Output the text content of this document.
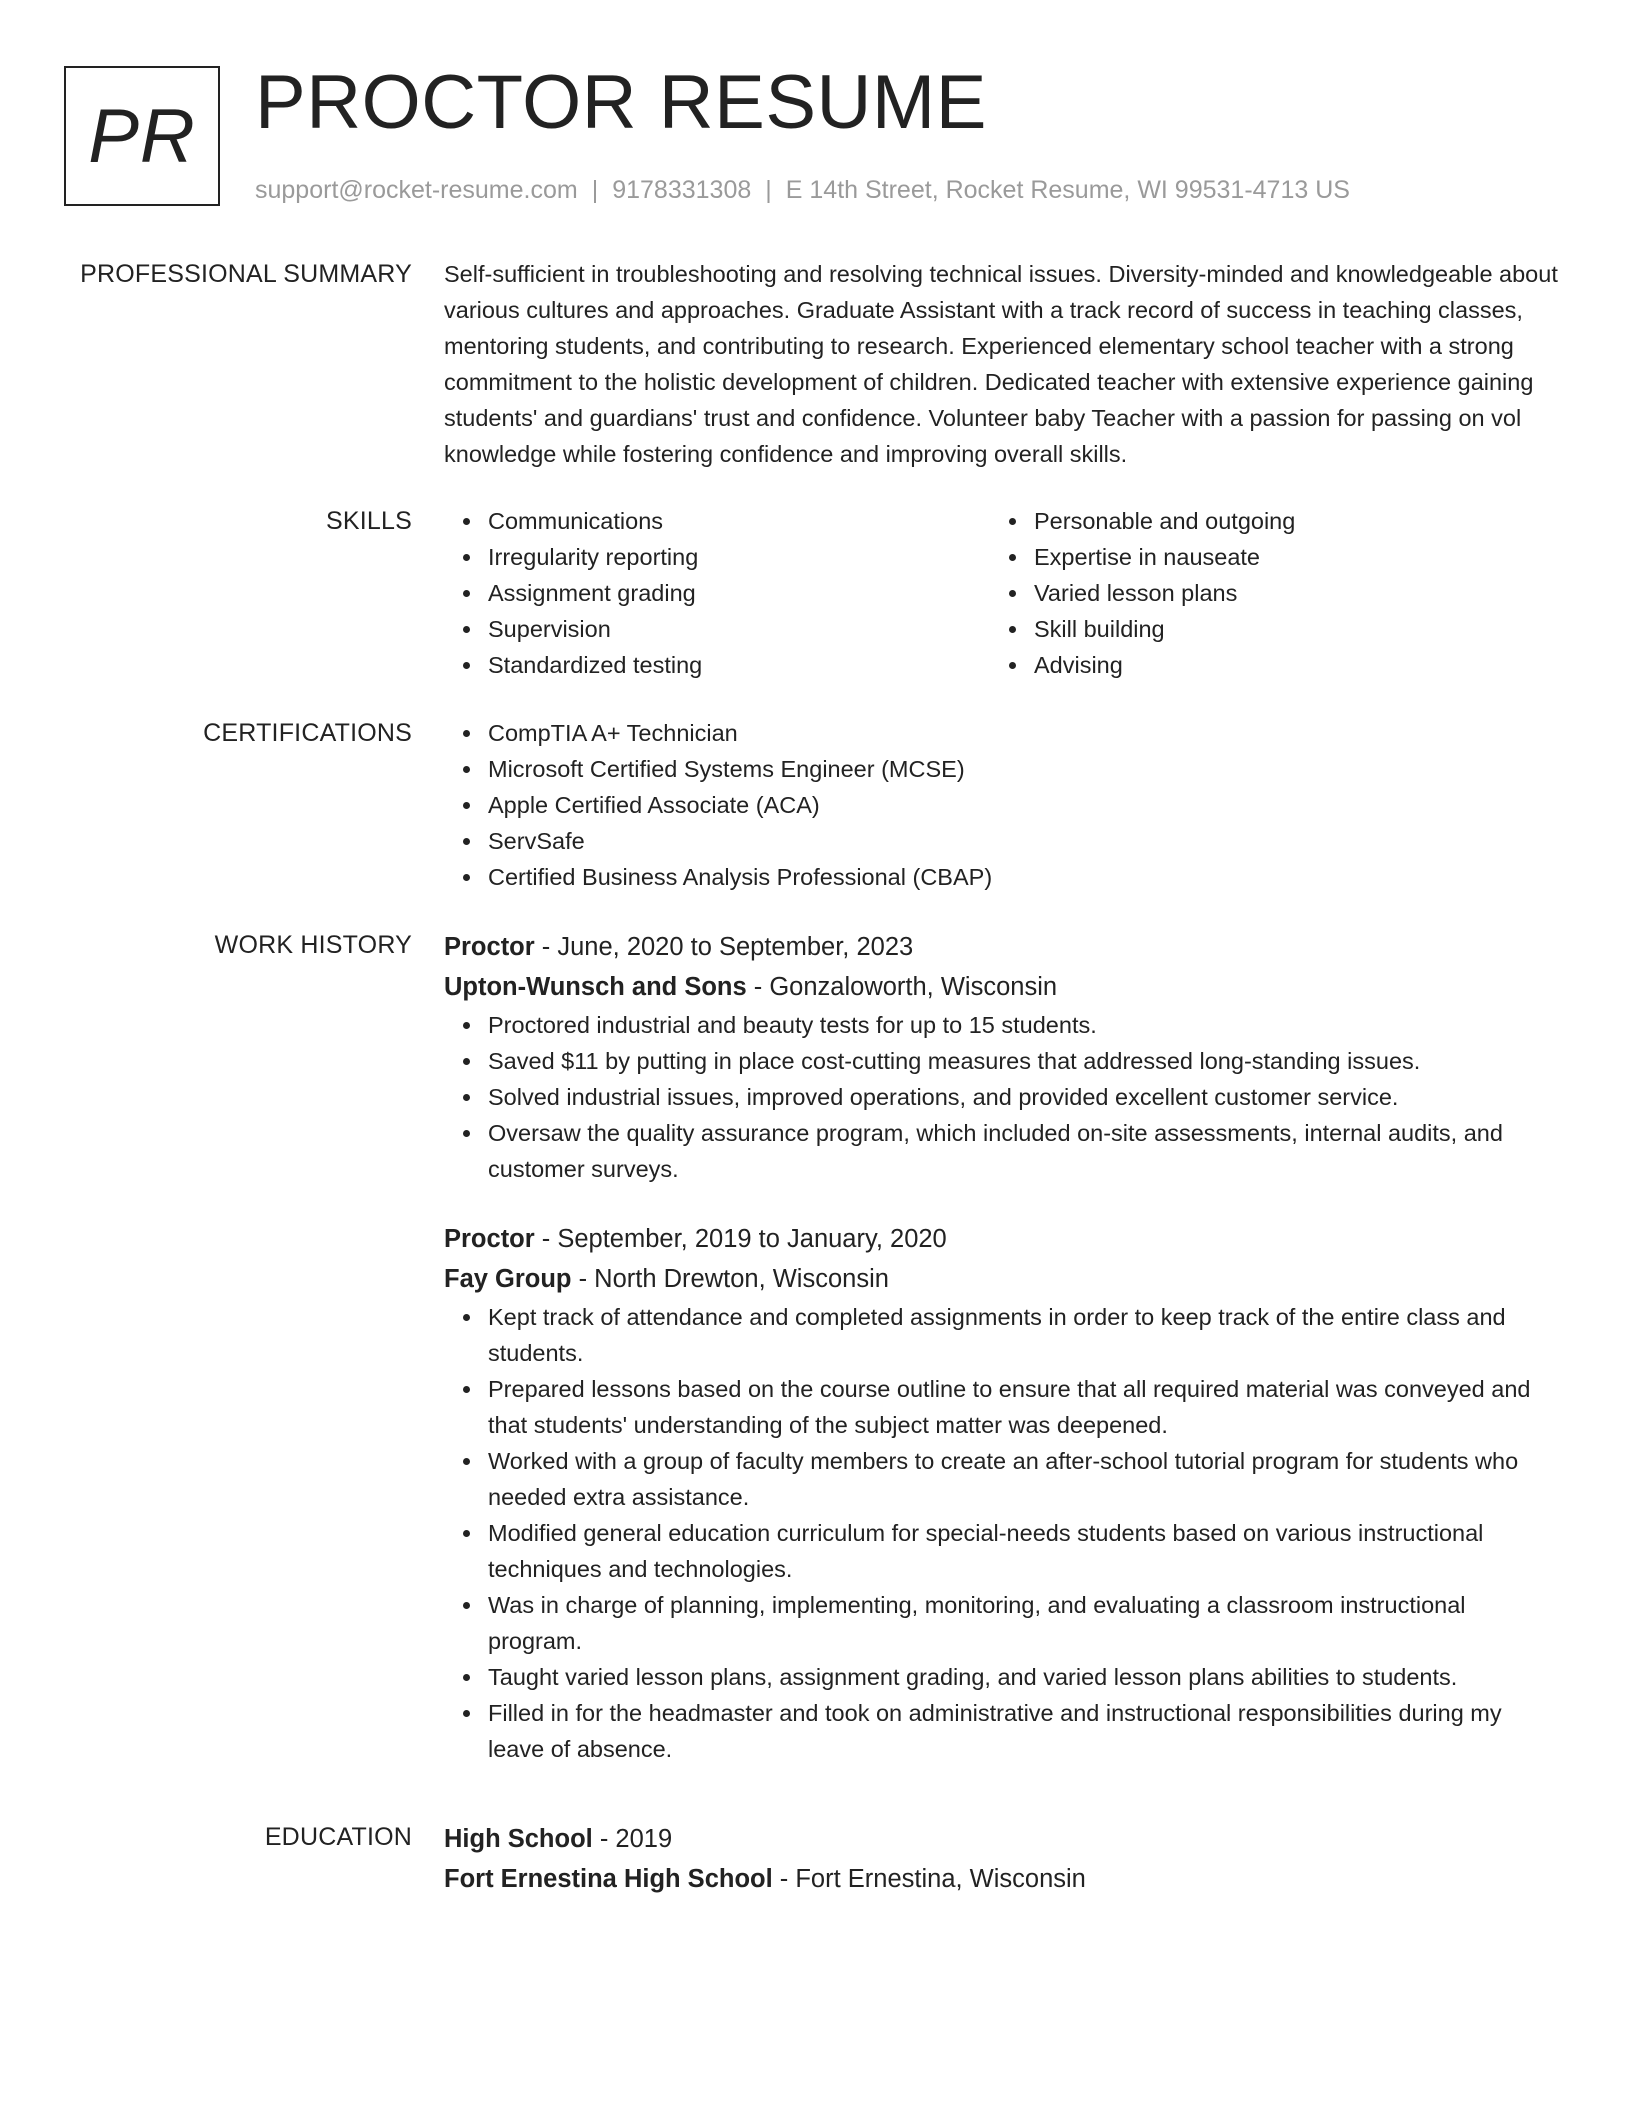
PR PROCTOR RESUME
support@rocket-resume.com | 9178331308 | E 14th Street, Rocket Resume, WI 99531-4713 US
PROFESSIONAL SUMMARY Self-sufficient in troubleshooting and resolving technical issues. Diversity-minded and knowledgeable about various cultures and approaches. Graduate Assistant with a track record of success in teaching classes, mentoring students, and contributing to research. Experienced elementary school teacher with a strong commitment to the holistic development of children. Dedicated teacher with extensive experience gaining students' and guardians' trust and confidence. Volunteer baby Teacher with a passion for passing on vol knowledge while fostering confidence and improving overall skills.

SKILLS	Communications
Irregularity reporting
Assignment grading
Supervision
Standardized testing
Personable and outgoing
Expertise in nauseate
Varied lesson plans
Skill building
Advising
CERTIFICATIONS	CompTIA A+ Technician
Microsoft Certified Systems Engineer (MCSE)
Apple Certified Associate (ACA)
ServSafe
Certified Business Analysis Professional (CBAP)
WORK HISTORY Proctor - June, 2020 to September, 2023
Upton-Wunsch and Sons - Gonzaloworth, Wisconsin
Proctored industrial and beauty tests for up to 15 students.
Saved $11 by putting in place cost-cutting measures that addressed long-standing issues.
Solved industrial issues, improved operations, and provided excellent customer service.
Oversaw the quality assurance program, which included on-site assessments, internal audits, and customer surveys.
Proctor - September, 2019 to January, 2020
Fay Group - North Drewton, Wisconsin
Kept track of attendance and completed assignments in order to keep track of the entire class and students.
Prepared lessons based on the course outline to ensure that all required material was conveyed and that students' understanding of the subject matter was deepened.
Worked with a group of faculty members to create an after-school tutorial program for students who needed extra assistance.
Modified general education curriculum for special-needs students based on various instructional techniques and technologies.
Was in charge of planning, implementing, monitoring, and evaluating a classroom instructional program.
Taught varied lesson plans, assignment grading, and varied lesson plans abilities to students.
Filled in for the headmaster and took on administrative and instructional responsibilities during my leave of absence.
EDUCATION High School - 2019
Fort Ernestina High School - Fort Ernestina, Wisconsin
